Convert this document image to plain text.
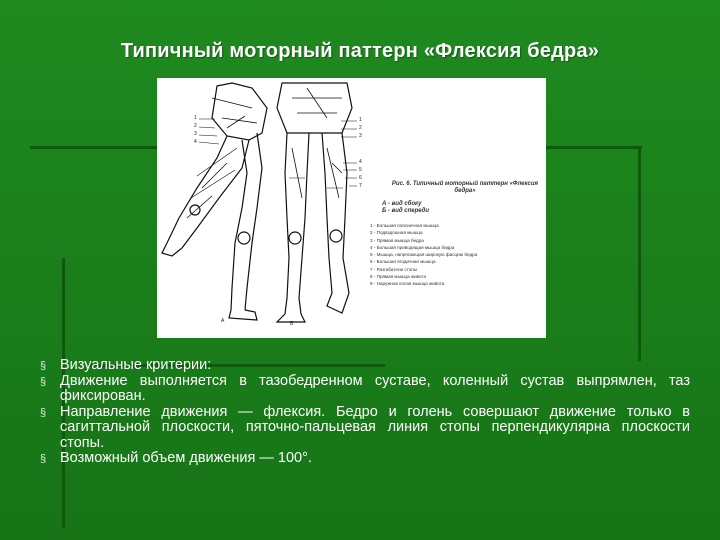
Типичный моторный паттерн «Флексия бедра»
1
2
3
4
1
2
3
4
5
6
7
А	Б
Рис. 6. Типичный моторный паттерн «Флексия бедра»
А - вид сбоку
Б - вид спереди
1 - Большая поясничная мышца
2 - Подвздошная мышца
3 - Прямая мышца бедра
4 - Большая приводящая мышца бедра
5 - Мышца, напрягающая широкую фасцию бедра
6 - Большая ягодичная мышца
7 - Разгибатели стопы
8 - Прямая мышца живота
9 - Наружная косая мышца живота
§ Визуальные критерии:
§ Движение выполняется в тазобедренном суставе, коленный сустав выпрямлен, таз фиксирован.
§ Направление движения — флексия. Бедро и голень совершают движение только в сагиттальной плоскости, пяточно-пальцевая линия стопы перпендикулярна плоскости стопы.
§ Возможный объем движения — 100°.
